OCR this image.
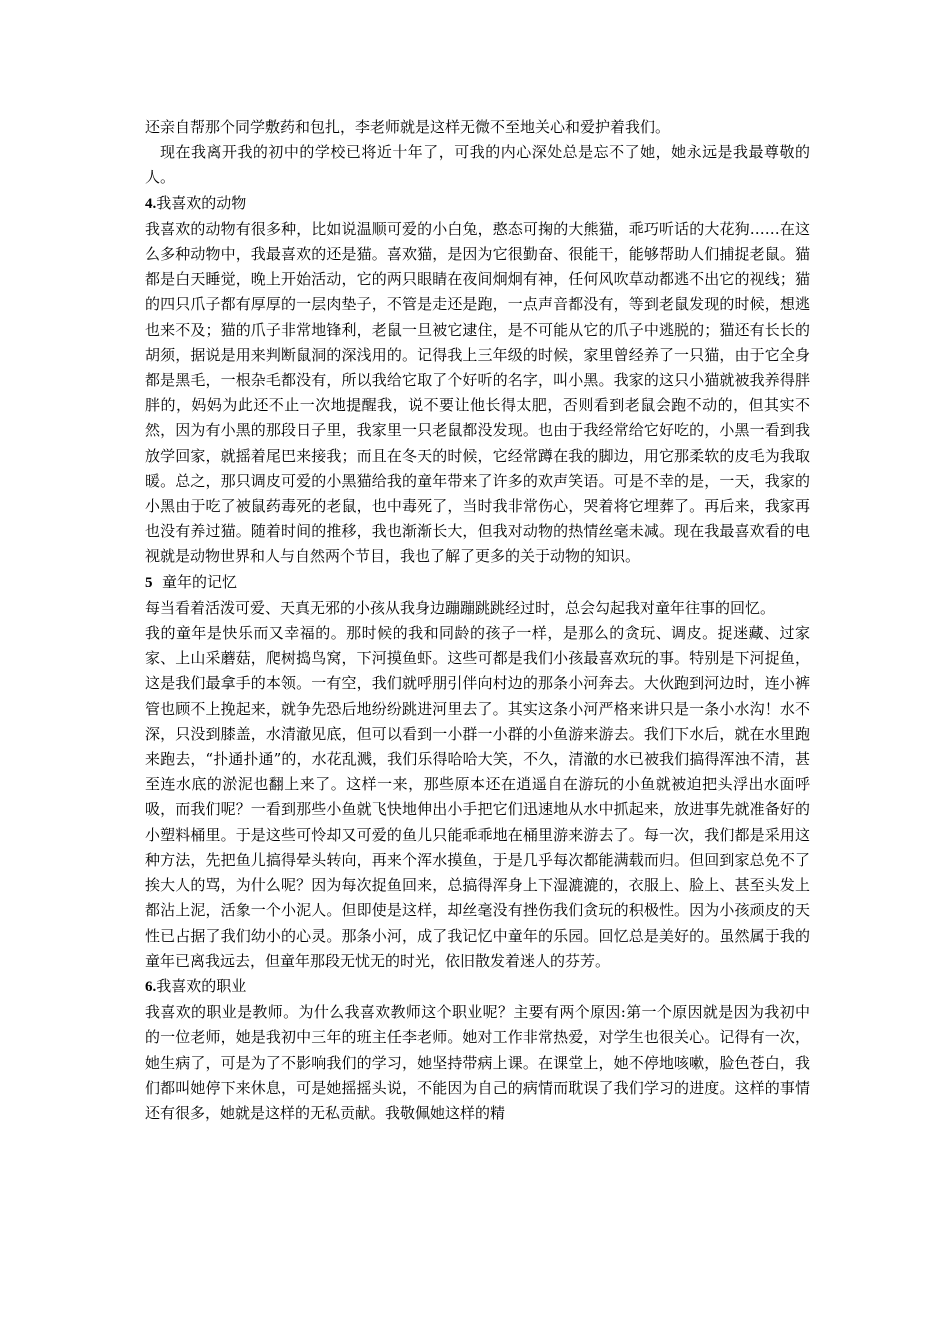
还亲自帮那个同学敷药和包扎，李老师就是这样无微不至地关心和爱护着我们。

现在我离开我的初中的学校已将近十年了，可我的内心深处总是忘不了她，她永远是我最尊敬的人。

4.我喜欢的动物

我喜欢的动物有很多种，比如说温顺可爱的小白兔，憨态可掬的大熊猫，乖巧听话的大花狗……在这么多种动物中，我最喜欢的还是猫。喜欢猫，是因为它很勤奋、很能干，能够帮助人们捕捉老鼠。猫都是白天睡觉，晚上开始活动，它的两只眼睛在夜间炯炯有神，任何风吹草动都逃不出它的视线；猫的四只爪子都有厚厚的一层肉垫子，不管是走还是跑，一点声音都没有，等到老鼠发现的时候，想逃也来不及；猫的爪子非常地锋利，老鼠一旦被它逮住，是不可能从它的爪子中逃脱的；猫还有长长的胡须，据说是用来判断鼠洞的深浅用的。记得我上三年级的时候，家里曾经养了一只猫，由于它全身都是黑毛，一根杂毛都没有，所以我给它取了个好听的名字，叫小黑。我家的这只小猫就被我养得胖胖的，妈妈为此还不止一次地提醒我，说不要让他长得太肥，否则看到老鼠会跑不动的，但其实不然，因为有小黑的那段日子里，我家里一只老鼠都没发现。也由于我经常给它好吃的，小黑一看到我放学回家，就摇着尾巴来接我；而且在冬天的时候，它经常蹲在我的脚边，用它那柔软的皮毛为我取暖。总之，那只调皮可爱的小黑猫给我的童年带来了许多的欢声笑语。可是不幸的是，一天，我家的小黑由于吃了被鼠药毒死的老鼠，也中毒死了，当时我非常伤心，哭着将它埋葬了。再后来，我家再也没有养过猫。随着时间的推移，我也渐渐长大，但我对动物的热情丝毫未减。现在我最喜欢看的电视就是动物世界和人与自然两个节目，我也了解了更多的关于动物的知识。

5  童年的记忆

每当看着活泼可爱、天真无邪的小孩从我身边蹦蹦跳跳经过时，总会勾起我对童年往事的回忆。

我的童年是快乐而又幸福的。那时候的我和同龄的孩子一样，是那么的贪玩、调皮。捉迷藏、过家家、上山采蘑菇，爬树捣鸟窝，下河摸鱼虾。这些可都是我们小孩最喜欢玩的事。特别是下河捉鱼，这是我们最拿手的本领。一有空，我们就呼朋引伴向村边的那条小河奔去。大伙跑到河边时，连小裤管也顾不上挽起来，就争先恐后地纷纷跳进河里去了。其实这条小河严格来讲只是一条小水沟！水不深，只没到膝盖，水清澈见底，但可以看到一小群一小群的小鱼游来游去。我们下水后，就在水里跑来跑去，“扑通扑通”的，水花乱溅，我们乐得哈哈大笑，不久，清澈的水已被我们搞得浑浊不清，甚至连水底的淤泥也翻上来了。这样一来，那些原本还在逍遥自在游玩的小鱼就被迫把头浮出水面呼吸，而我们呢？一看到那些小鱼就飞快地伸出小手把它们迅速地从水中抓起来，放进事先就准备好的小塑料桶里。于是这些可怜却又可爱的鱼儿只能乖乖地在桶里游来游去了。每一次，我们都是采用这种方法，先把鱼儿搞得晕头转向，再来个浑水摸鱼，于是几乎每次都能满载而归。但回到家总免不了挨大人的骂，为什么呢？因为每次捉鱼回来，总搞得浑身上下湿漉漉的，衣服上、脸上、甚至头发上都沾上泥，活象一个小泥人。但即使是这样，却丝毫没有挫伤我们贪玩的积极性。因为小孩顽皮的天性已占据了我们幼小的心灵。那条小河，成了我记忆中童年的乐园。回忆总是美好的。虽然属于我的童年已离我远去，但童年那段无忧无的时光，依旧散发着迷人的芬芳。

6.我喜欢的职业

我喜欢的职业是教师。为什么我喜欢教师这个职业呢？主要有两个原因:第一个原因就是因为我初中的一位老师，她是我初中三年的班主任李老师。她对工作非常热爱，对学生也很关心。记得有一次，她生病了，可是为了不影响我们的学习，她坚持带病上课。在课堂上，她不停地咳嗽，脸色苍白，我们都叫她停下来休息，可是她摇摇头说，不能因为自己的病情而耽误了我们学习的进度。这样的事情还有很多，她就是这样的无私贡献。我敬佩她这样的精
